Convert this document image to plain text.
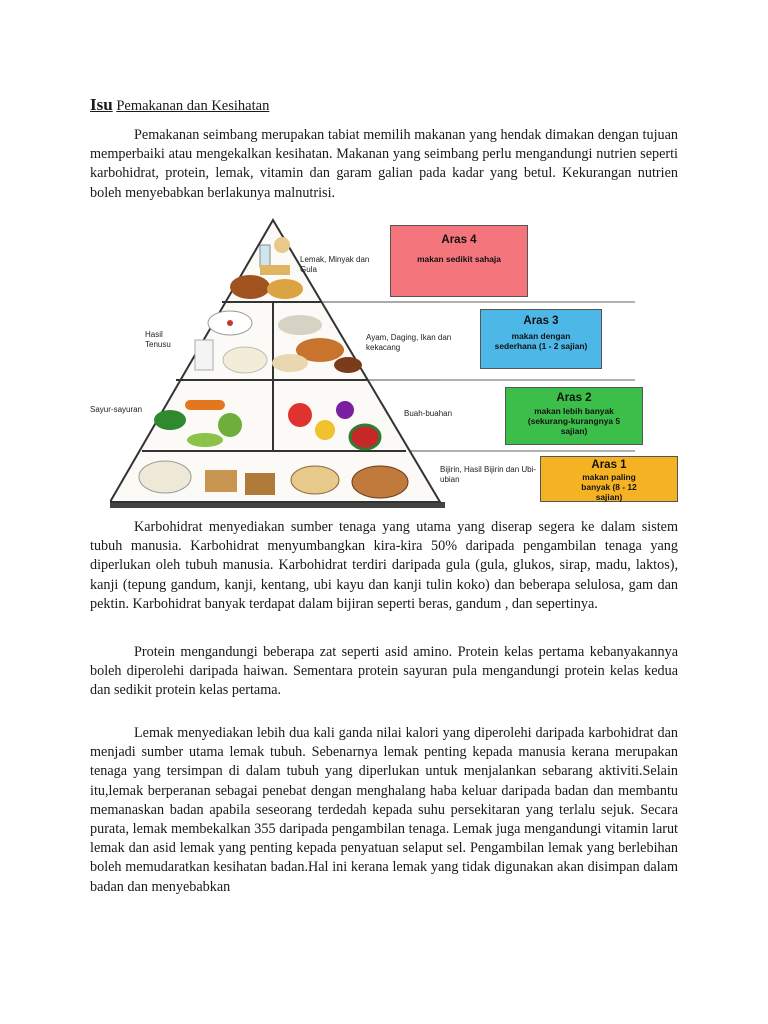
Isu Pemakanan dan Kesihatan

Pemakanan seimbang merupakan tabiat memilih makanan yang hendak dimakan dengan tujuan memperbaiki atau mengekalkan kesihatan. Makanan yang seimbang perlu mengandungi nutrien seperti karbohidrat, protein, lemak, vitamin dan garam galian pada kadar yang betul. Kekurangan nutrien boleh menyebabkan berlakunya malnutrisi.

Lemak, Minyak dan Gula
Hasil Tenusu
Ayam, Daging, Ikan dan kekacang
Sayur-sayuran	Buah-buahan
Bijirin, Hasil Bijirin dan Ubi-ubian
Aras 4
makan sedikit sahaja
Aras 3
makan dengan sederhana (1 - 2 sajian)
Aras 2
makan lebih banyak (sekurang-kurangnya 5 sajian)
Aras 1
makan paling banyak (8 - 12 sajian)

Karbohidrat menyediakan sumber tenaga yang utama yang diserap segera ke dalam sistem tubuh manusia. Karbohidrat menyumbangkan kira-kira 50% daripada pengambilan tenaga yang diperlukan oleh tubuh manusia. Karbohidrat terdiri daripada gula (gula, glukos, sirap, madu, laktos), kanji (tepung gandum, kanji, kentang, ubi kayu dan kanji tulin koko) dan beberapa selulosa, gam dan pektin. Karbohidrat banyak terdapat dalam bijiran seperti beras, gandum , dan sepertinya.

Protein mengandungi beberapa zat seperti asid amino. Protein kelas pertama kebanyakannya boleh diperolehi daripada haiwan. Sementara protein sayuran pula mengandungi protein kelas kedua dan sedikit protein kelas pertama.

Lemak menyediakan lebih dua kali ganda nilai kalori yang diperolehi daripada karbohidrat dan menjadi sumber utama lemak tubuh. Sebenarnya lemak penting kepada manusia kerana merupakan tenaga yang tersimpan di dalam tubuh yang diperlukan untuk menjalankan sebarang aktiviti.Selain itu,lemak berperanan sebagai penebat dengan menghalang haba keluar daripada badan dan membantu memanaskan badan apabila seseorang terdedah kepada suhu persekitaran yang terlalu sejuk. Secara purata, lemak membekalkan 355 daripada pengambilan tenaga. Lemak juga mengandungi vitamin larut lemak dan asid lemak yang penting kepada penyatuan selaput sel. Pengambilan lemak yang berlebihan boleh memudaratkan kesihatan badan.Hal ini kerana lemak yang tidak digunakan akan disimpan dalam badan dan menyebabkan
